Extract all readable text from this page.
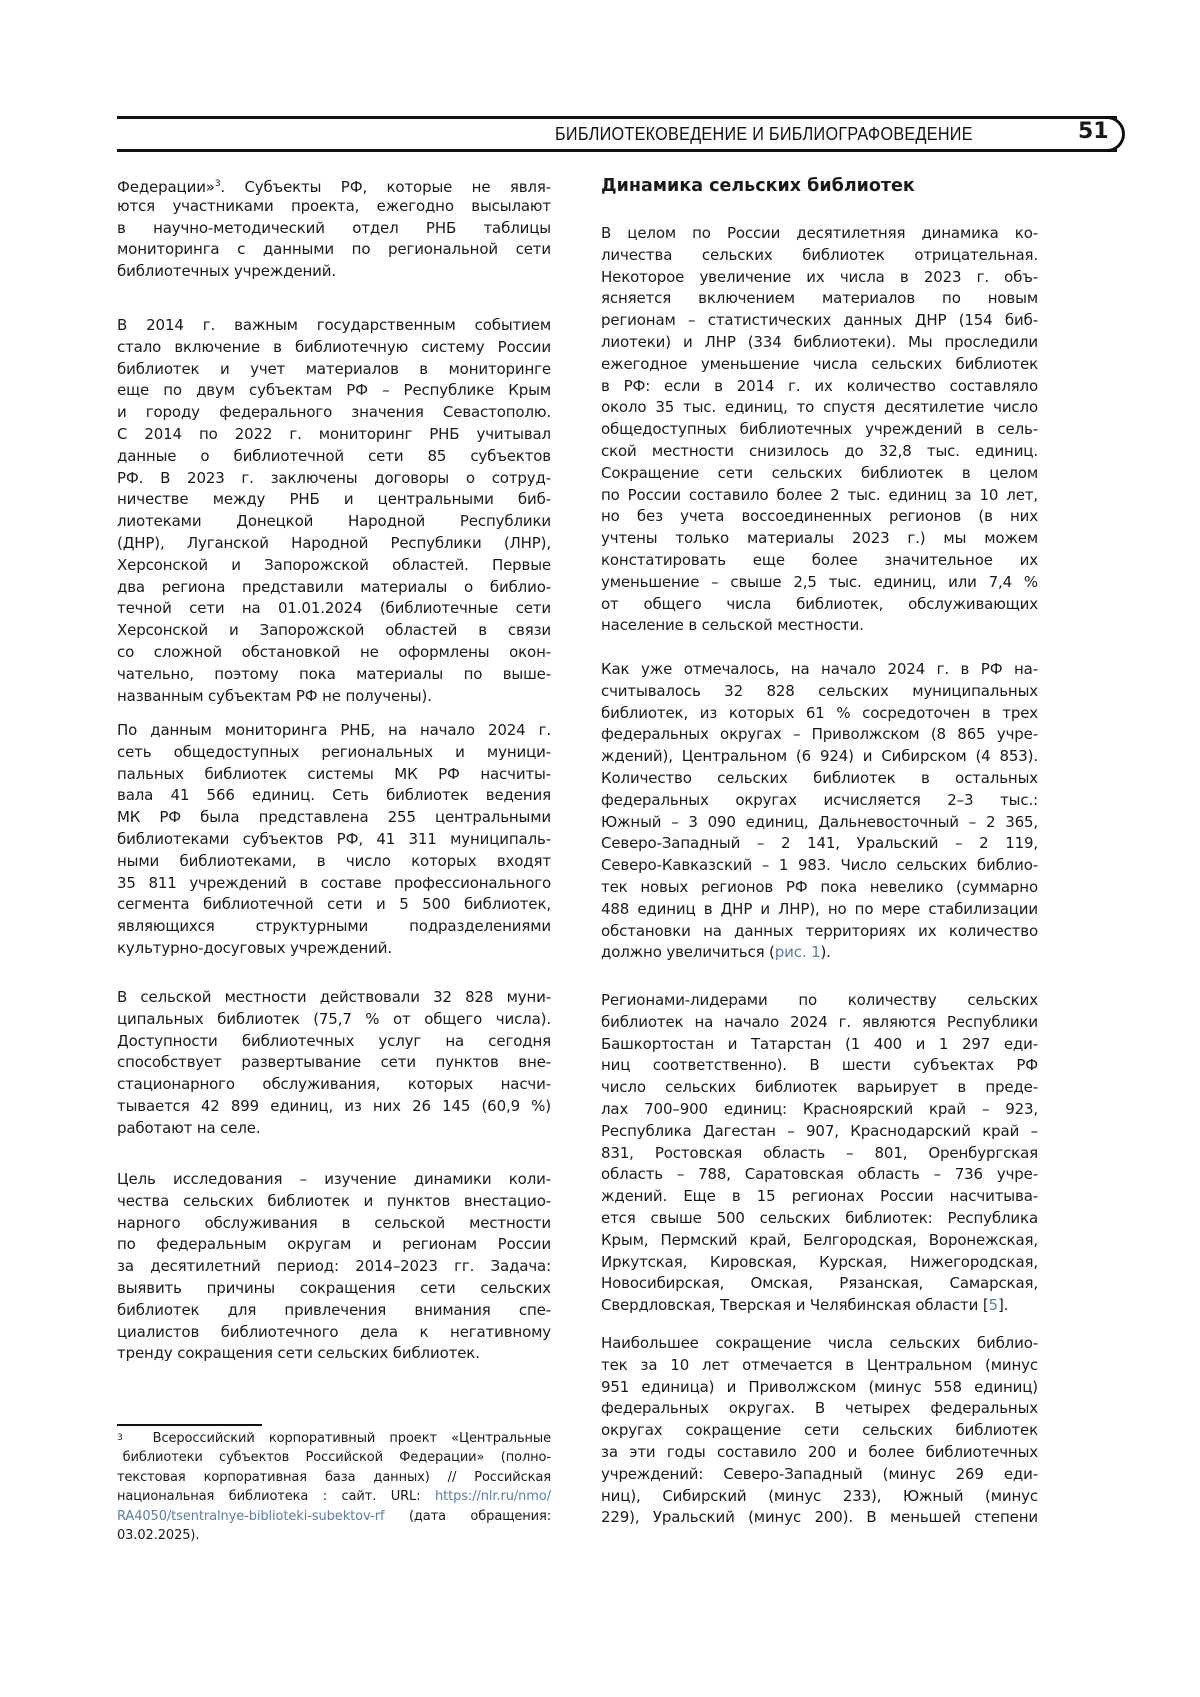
БИБЛИОТЕКОВЕДЕНИЕ И БИБЛИОГРАФОВЕДЕНИЕ	51
Федерации»3. Субъекты РФ, которые не явля-
ются участниками проекта, ежегодно высылают
в научно-методический отдел РНБ таблицы
мониторинга с данными по региональной сети
библиотечных учреждений.
В 2014 г. важным государственным событием
стало включение в библиотечную систему России
библиотек и учет материалов в мониторинге
еще по двум субъектам РФ – Республике Крым
и городу федерального значения Севастополю.
С 2014 по 2022 г. мониторинг РНБ учитывал
данные о библиотечной сети 85 субъектов
РФ. В 2023 г. заключены договоры о сотруд-
ничестве между РНБ и центральными биб-
лиотеками Донецкой Народной Республики
(ДНР), Луганской Народной Республики (ЛНР),
Херсонской и Запорожской областей. Первые
два региона представили материалы о библио-
течной сети на 01.01.2024 (библиотечные сети
Херсонской и Запорожской областей в связи
со сложной обстановкой не оформлены окон-
чательно, поэтому пока материалы по выше-
названным субъектам РФ не получены).
По данным мониторинга РНБ, на начало 2024 г.
сеть общедоступных региональных и муници-
пальных библиотек системы МК РФ насчиты-
вала 41 566 единиц. Сеть библиотек ведения
МК РФ была представлена 255 центральными
библиотеками субъектов РФ, 41 311 муниципаль-
ными библиотеками, в число которых входят
35 811 учреждений в составе профессионального
сегмента библиотечной сети и 5 500 библиотек,
являющихся структурными подразделениями
культурно-досуговых учреждений.
В сельской местности действовали 32 828 муни-
ципальных библиотек (75,7 % от общего числа).
Доступности библиотечных услуг на сегодня
способствует развертывание сети пунктов вне-
стационарного обслуживания, которых насчи-
тывается 42 899 единиц, из них 26 145 (60,9 %)
работают на селе.
Цель исследования – изучение динамики коли-
чества сельских библиотек и пунктов внестацио-
нарного обслуживания в сельской местности
по федеральным округам и регионам России
за десятилетний период: 2014–2023 гг. Задача:
выявить причины сокращения сети сельских
библиотек для привлечения внимания спе-
циалистов библиотечного дела к негативному
тренду сокращения сети сельских библиотек.
3 Всероссийский корпоративный проект «Центральные
библиотеки субъектов Российской Федерации» (полно-
текстовая корпоративная база данных) // Российская
национальная библиотека : сайт. URL: https://nlr.ru/nmo/
RA4050/tsentralnye-biblioteki-subektov-rf (дата обращения:
03.02.2025).
Динамика сельских библиотек
В целом по России десятилетняя динамика ко-
личества сельских библиотек отрицательная.
Некоторое увеличение их числа в 2023 г. объ-
ясняется включением материалов по новым
регионам – статистических данных ДНР (154 биб-
лиотеки) и ЛНР (334 библиотеки). Мы проследили
ежегодное уменьшение числа сельских библиотек
в РФ: если в 2014 г. их количество составляло
около 35 тыс. единиц, то спустя десятилетие число
общедоступных библиотечных учреждений в сель-
ской местности снизилось до 32,8 тыс. единиц.
Сокращение сети сельских библиотек в целом
по России составило более 2 тыс. единиц за 10 лет,
но без учета воссоединенных регионов (в них
учтены только материалы 2023 г.) мы можем
констатировать еще более значительное их
уменьшение – свыше 2,5 тыс. единиц, или 7,4 %
от общего числа библиотек, обслуживающих
население в сельской местности.
Как уже отмечалось, на начало 2024 г. в РФ на-
считывалось 32 828 сельских муниципальных
библиотек, из которых 61 % сосредоточен в трех
федеральных округах – Приволжском (8 865 учре-
ждений), Центральном (6 924) и Сибирском (4 853).
Количество сельских библиотек в остальных
федеральных округах исчисляется 2–3 тыс.:
Южный – 3 090 единиц, Дальневосточный – 2 365,
Северо-Западный – 2 141, Уральский – 2 119,
Северо-Кавказский – 1 983. Число сельских библио-
тек новых регионов РФ пока невелико (суммарно
488 единиц в ДНР и ЛНР), но по мере стабилизации
обстановки на данных территориях их количество
должно увеличиться (рис. 1).
Регионами-лидерами по количеству сельских
библиотек на начало 2024 г. являются Республики
Башкортостан и Татарстан (1 400 и 1 297 еди-
ниц соответственно). В шести субъектах РФ
число сельских библиотек варьирует в преде-
лах 700–900 единиц: Красноярский край – 923,
Республика Дагестан – 907, Краснодарский край –
831, Ростовская область – 801, Оренбургская
область – 788, Саратовская область – 736 учре-
ждений. Еще в 15 регионах России насчитыва-
ется свыше 500 сельских библиотек: Республика
Крым, Пермский край, Белгородская, Воронежская,
Иркутская, Кировская, Курская, Нижегородская,
Новосибирская, Омская, Рязанская, Самарская,
Свердловская, Тверская и Челябинская области [5].
Наибольшее сокращение числа сельских библио-
тек за 10 лет отмечается в Центральном (минус
951 единица) и Приволжском (минус 558 единиц)
федеральных округах. В четырех федеральных
округах сокращение сети сельских библиотек
за эти годы составило 200 и более библиотечных
учреждений: Северо-Западный (минус 269 еди-
ниц), Сибирский (минус 233), Южный (минус
229), Уральский (минус 200). В меньшей степени
